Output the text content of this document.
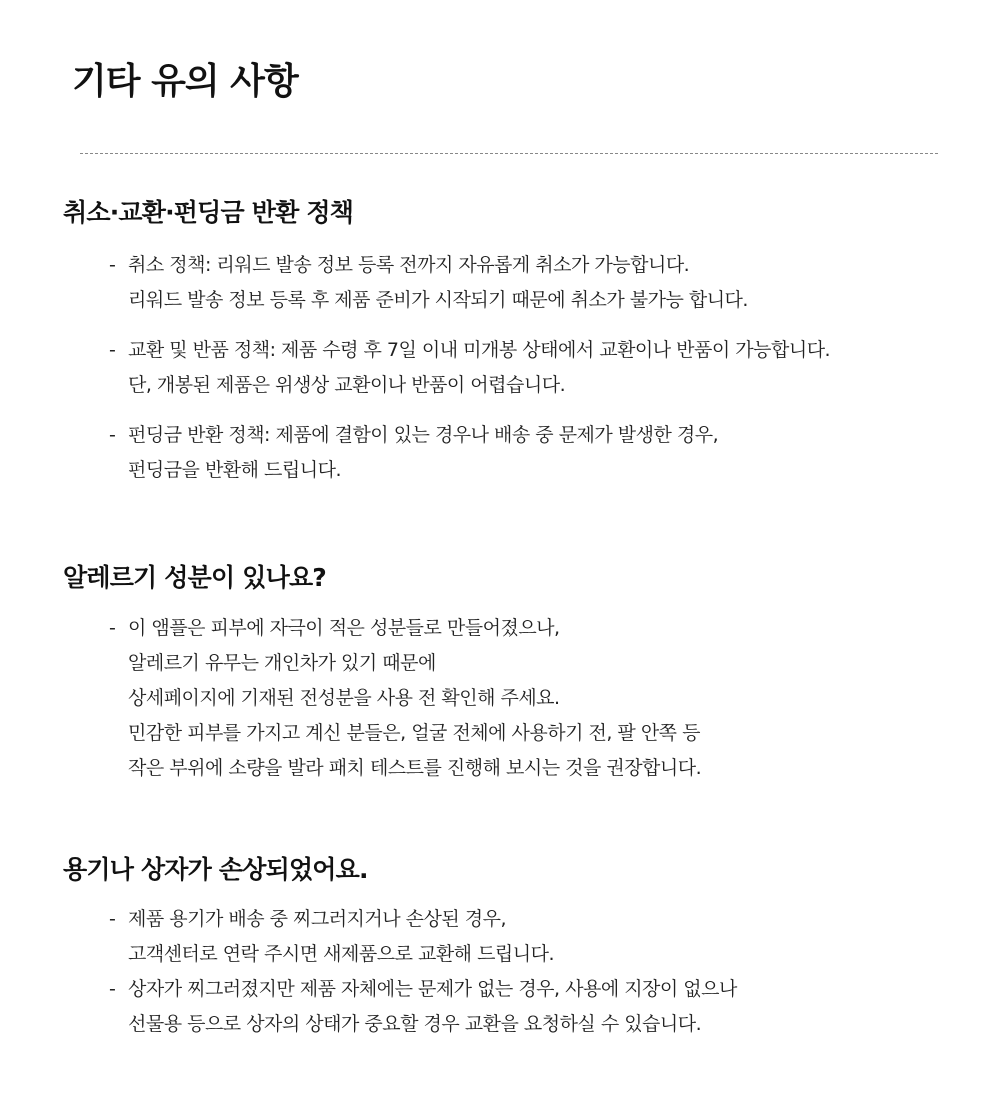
기타 유의 사항
취소·교환·펀딩금 반환 정책

- 취소 정책: 리워드 발송 정보 등록 전까지 자유롭게 취소가 가능합니다.
리워드 발송 정보 등록 후 제품 준비가 시작되기 때문에 취소가 불가능 합니다.

- 교환 및 반품 정책: 제품 수령 후 7일 이내 미개봉 상태에서 교환이나 반품이 가능합니다.
단, 개봉된 제품은 위생상 교환이나 반품이 어렵습니다.

- 펀딩금 반환 정책: 제품에 결함이 있는 경우나 배송 중 문제가 발생한 경우,
펀딩금을 반환해 드립니다.

알레르기 성분이 있나요?

- 이 앰플은 피부에 자극이 적은 성분들로 만들어졌으나,
알레르기 유무는 개인차가 있기 때문에
상세페이지에 기재된 전성분을 사용 전 확인해 주세요.
민감한 피부를 가지고 계신 분들은, 얼굴 전체에 사용하기 전, 팔 안쪽 등
작은 부위에 소량을 발라 패치 테스트를 진행해 보시는 것을 권장합니다.

용기나 상자가 손상되었어요.

- 제품 용기가 배송 중 찌그러지거나 손상된 경우,
고객센터로 연락 주시면 새제품으로 교환해 드립니다.

- 상자가 찌그러졌지만 제품 자체에는 문제가 없는 경우, 사용에 지장이 없으나
선물용 등으로 상자의 상태가 중요할 경우 교환을 요청하실 수 있습니다.
